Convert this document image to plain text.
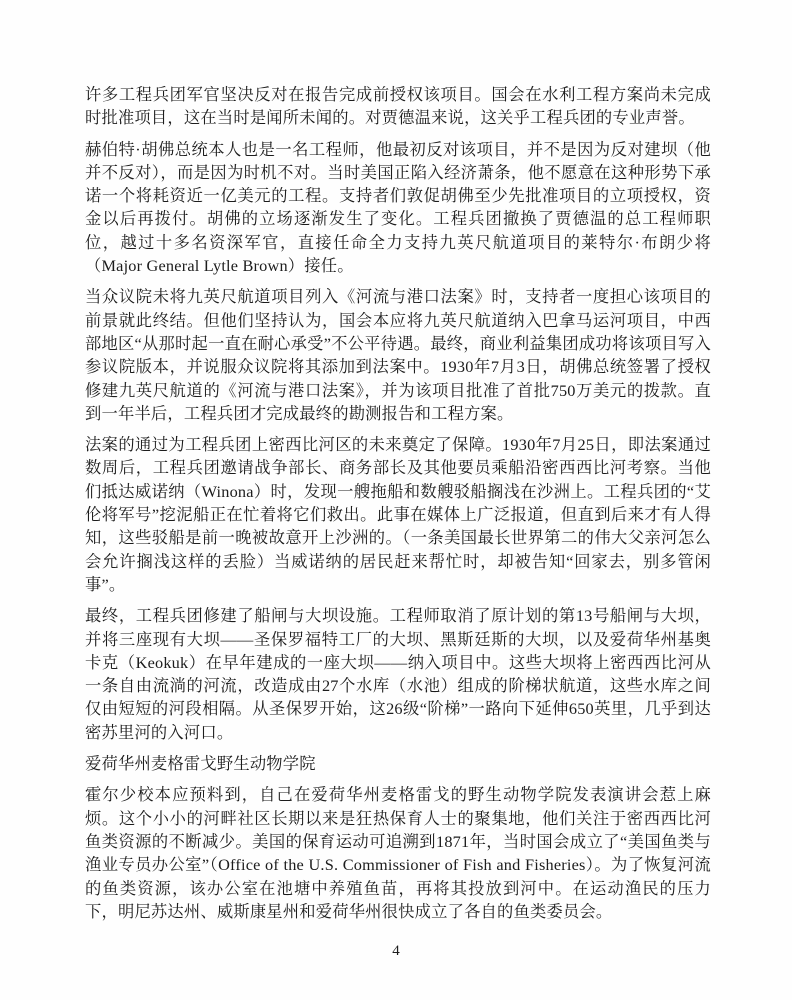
许多工程兵团军官坚决反对在报告完成前授权该项目。国会在水利工程方案尚未完成时批准项目，这在当时是闻所未闻的。对贾德温来说，这关乎工程兵团的专业声誉。

赫伯特·胡佛总统本人也是一名工程师，他最初反对该项目，并不是因为反对建坝（他并不反对），而是因为时机不对。当时美国正陷入经济萧条，他不愿意在这种形势下承诺一个将耗资近一亿美元的工程。支持者们敦促胡佛至少先批准项目的立项授权，资金以后再拨付。胡佛的立场逐渐发生了变化。工程兵团撤换了贾德温的总工程师职位，越过十多名资深军官，直接任命全力支持九英尺航道项目的莱特尔·布朗少将（Major General Lytle Brown）接任。

当众议院未将九英尺航道项目列入《河流与港口法案》时，支持者一度担心该项目的前景就此终结。但他们坚持认为，国会本应将九英尺航道纳入巴拿马运河项目，中西部地区“从那时起一直在耐心承受”不公平待遇。最终，商业利益集团成功将该项目写入参议院版本，并说服众议院将其添加到法案中。1930年7月3日，胡佛总统签署了授权修建九英尺航道的《河流与港口法案》，并为该项目批准了首批750万美元的拨款。直到一年半后，工程兵团才完成最终的勘测报告和工程方案。

法案的通过为工程兵团上密西比河区的未来奠定了保障。1930年7月25日，即法案通过数周后，工程兵团邀请战争部长、商务部长及其他要员乘船沿密西西比河考察。当他们抵达威诺纳（Winona）时，发现一艘拖船和数艘驳船搁浅在沙洲上。工程兵团的“艾伦将军号”挖泥船正在忙着将它们救出。此事在媒体上广泛报道，但直到后来才有人得知，这些驳船是前一晚被故意开上沙洲的。（一条美国最长世界第二的伟大父亲河怎么会允许搁浅这样的丢脸）当威诺纳的居民赶来帮忙时，却被告知“回家去，别多管闲事”。

最终，工程兵团修建了船闸与大坝设施。工程师取消了原计划的第13号船闸与大坝，并将三座现有大坝——圣保罗福特工厂的大坝、黑斯廷斯的大坝，以及爱荷华州基奥卡克（Keokuk）在早年建成的一座大坝——纳入项目中。这些大坝将上密西西比河从一条自由流淌的河流，改造成由27个水库（水池）组成的阶梯状航道，这些水库之间仅由短短的河段相隔。从圣保罗开始，这26级“阶梯”一路向下延伸650英里，几乎到达密苏里河的入河口。

爱荷华州麦格雷戈野生动物学院

霍尔少校本应预料到，自己在爱荷华州麦格雷戈的野生动物学院发表演讲会惹上麻烦。这个小小的河畔社区长期以来是狂热保育人士的聚集地，他们关注于密西西比河鱼类资源的不断减少。美国的保育运动可追溯到1871年，当时国会成立了“美国鱼类与渔业专员办公室”（Office of the U.S. Commissioner of Fish and Fisheries）。为了恢复河流的鱼类资源，该办公室在池塘中养殖鱼苗，再将其投放到河中。在运动渔民的压力下，明尼苏达州、威斯康星州和爱荷华州很快成立了各自的鱼类委员会。

4
